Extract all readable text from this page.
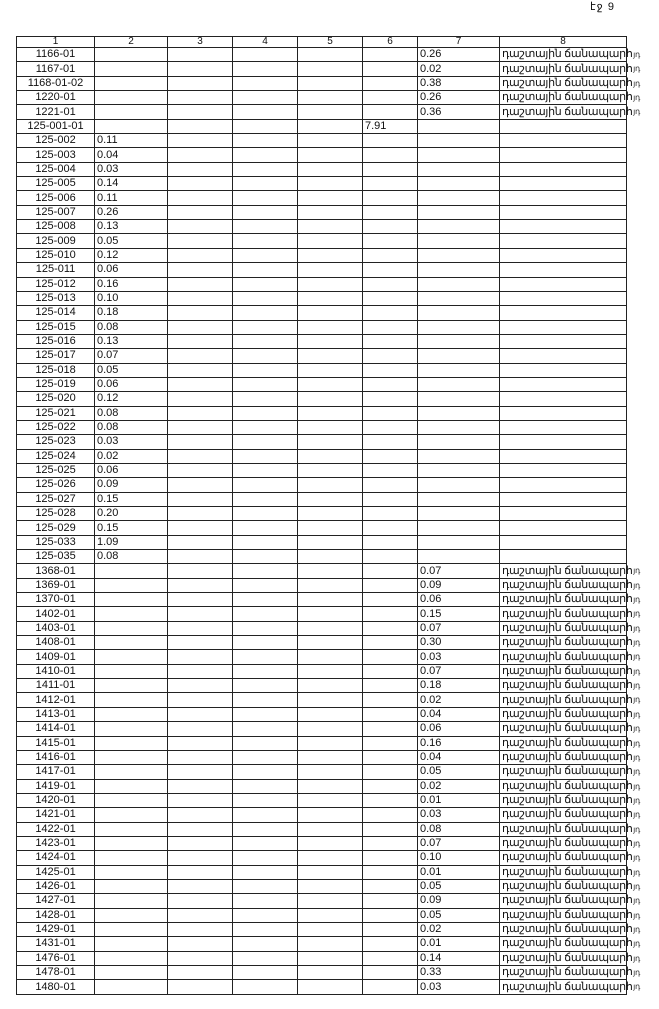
էջ 9
1	2	3	4	5	6	7	8
1166-01						0.26	դաշտային ճանապարհ յդ

1167-01						0.02	դաշտային ճանապարհ յդ

1168-01-02						0.38	դաշտային ճանապարհ յդ

1220-01						0.26	դաշտային ճանապարհ յդ

1221-01						0.36	դաշտային ճանապարհ յդ

125-001-01					7.91		

125-002	0.11						

125-003	0.04						

125-004	0.03						

125-005	0.14						

125-006	0.11						

125-007	0.26						

125-008	0.13						

125-009	0.05						

125-010	0.12						

125-011	0.06						

125-012	0.16						

125-013	0.10						

125-014	0.18						

125-015	0.08						

125-016	0.13						

125-017	0.07						

125-018	0.05						

125-019	0.06						

125-020	0.12						

125-021	0.08						

125-022	0.08						

125-023	0.03						

125-024	0.02						

125-025	0.06						

125-026	0.09						

125-027	0.15						

125-028	0.20						

125-029	0.15						

125-033	1.09						

125-035	0.08						

1368-01						0.07	դաշտային ճանապարհ յդ

1369-01						0.09	դաշտային ճանապարհ յդ

1370-01						0.06	դաշտային ճանապարհ յդ

1402-01						0.15	դաշտային ճանապարհ յդ

1403-01						0.07	դաշտային ճանապարհ յդ

1408-01						0.30	դաշտային ճանապարհ յդ

1409-01						0.03	դաշտային ճանապարհ յդ

1410-01						0.07	դաշտային ճանապարհ յդ

1411-01						0.18	դաշտային ճանապարհ յդ

1412-01						0.02	դաշտային ճանապարհ յդ

1413-01						0.04	դաշտային ճանապարհ յդ

1414-01						0.06	դաշտային ճանապարհ յդ

1415-01						0.16	դաշտային ճանապարհ յդ

1416-01						0.04	դաշտային ճանապարհ յդ

1417-01						0.05	դաշտային ճանապարհ յդ

1419-01						0.02	դաշտային ճանապարհ յդ

1420-01						0.01	դաշտային ճանապարհ յդ

1421-01						0.03	դաշտային ճանապարհ յդ

1422-01						0.08	դաշտային ճանապարհ յդ

1423-01						0.07	դաշտային ճանապարհ յդ

1424-01						0.10	դաշտային ճանապարհ յդ

1425-01						0.01	դաշտային ճանապարհ յդ

1426-01						0.05	դաշտային ճանապարհ յդ

1427-01						0.09	դաշտային ճանապարհ յդ

1428-01						0.05	դաշտային ճանապարհ յդ

1429-01						0.02	դաշտային ճանապարհ յդ

1431-01						0.01	դաշտային ճանապարհ յդ

1476-01						0.14	դաշտային ճանապարհ յդ

1478-01						0.33	դաշտային ճանապարհ յդ

1480-01						0.03	դաշտային ճանապարհ յդ
